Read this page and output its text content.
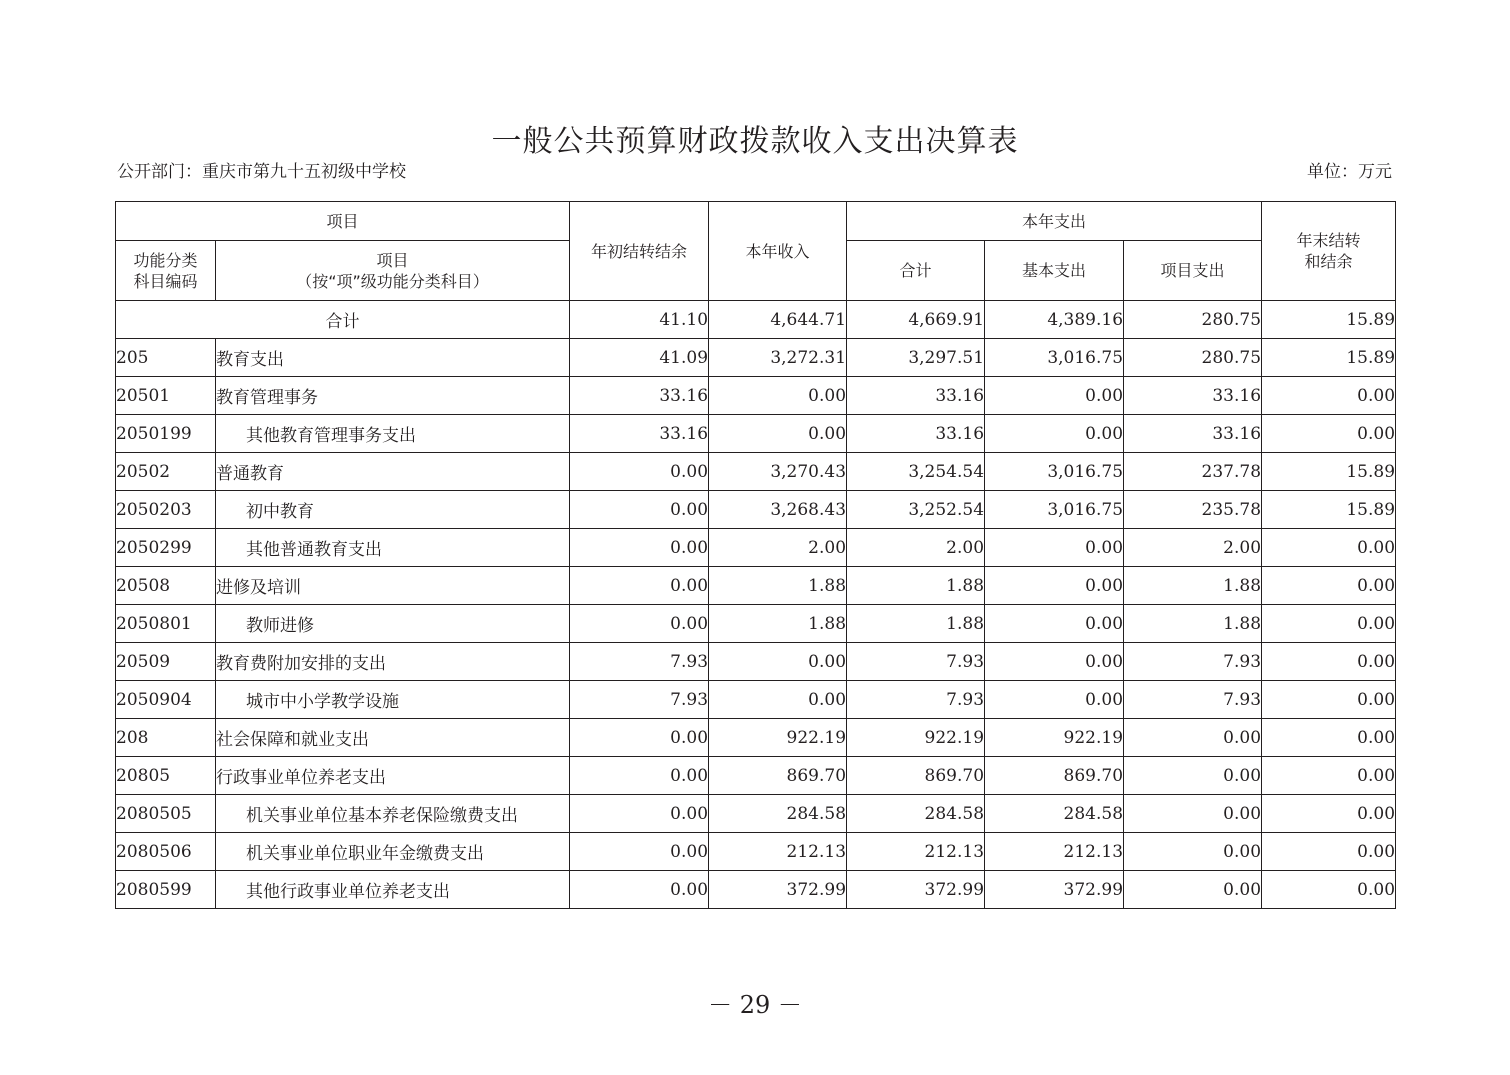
一般公共预算财政拨款收入支出决算表
公开部门：重庆市第九十五初级中学校	单位：万元
项目		年初结转结余	本年收入	本年支出			年末结转
和结余
功能分类
科目编码	项目
（按“项”级功能分类科目）			合计	基本支出	项目支出	
合计		41.10	4,644.71	4,669.91	4,389.16	280.75	15.89
205	教育支出	41.09	3,272.31	3,297.51	3,016.75	280.75	15.89
20501	教育管理事务	33.16	0.00	33.16	0.00	33.16	0.00
2050199	其他教育管理事务支出	33.16	0.00	33.16	0.00	33.16	0.00
20502	普通教育	0.00	3,270.43	3,254.54	3,016.75	237.78	15.89
2050203	初中教育	0.00	3,268.43	3,252.54	3,016.75	235.78	15.89
2050299	其他普通教育支出	0.00	2.00	2.00	0.00	2.00	0.00
20508	进修及培训	0.00	1.88	1.88	0.00	1.88	0.00
2050801	教师进修	0.00	1.88	1.88	0.00	1.88	0.00
20509	教育费附加安排的支出	7.93	0.00	7.93	0.00	7.93	0.00
2050904	城市中小学教学设施	7.93	0.00	7.93	0.00	7.93	0.00
208	社会保障和就业支出	0.00	922.19	922.19	922.19	0.00	0.00
20805	行政事业单位养老支出	0.00	869.70	869.70	869.70	0.00	0.00
2080505	机关事业单位基本养老保险缴费支出	0.00	284.58	284.58	284.58	0.00	0.00
2080506	机关事业单位职业年金缴费支出	0.00	212.13	212.13	212.13	0.00	0.00
2080599	其他行政事业单位养老支出	0.00	372.99	372.99	372.99	0.00	0.00
－ 29 －
